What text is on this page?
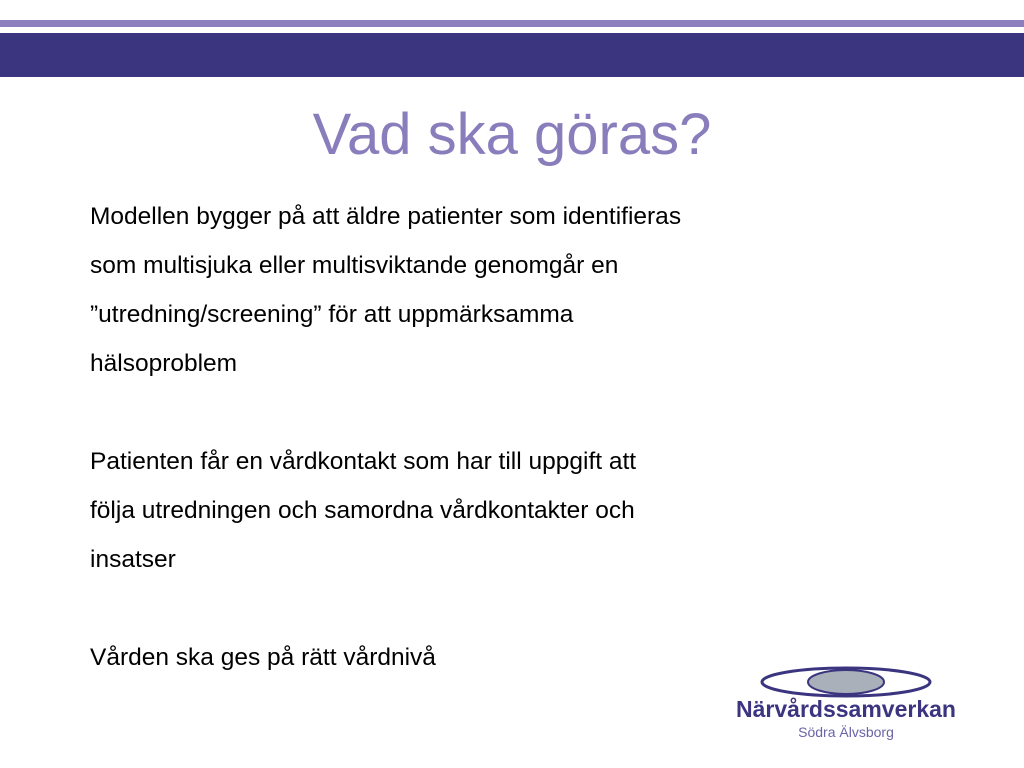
Vad ska göras?

Modellen bygger på att äldre patienter som identifieras
som multisjuka eller multisviktande genomgår en
”utredning/screening” för att uppmärksamma
hälsoproblem

Patienten får en vårdkontakt som har till uppgift att
följa utredningen och samordna vårdkontakter och
insatser

Vården ska ges på rätt vårdnivå

Närvårdssamverkan
Södra Älvsborg
